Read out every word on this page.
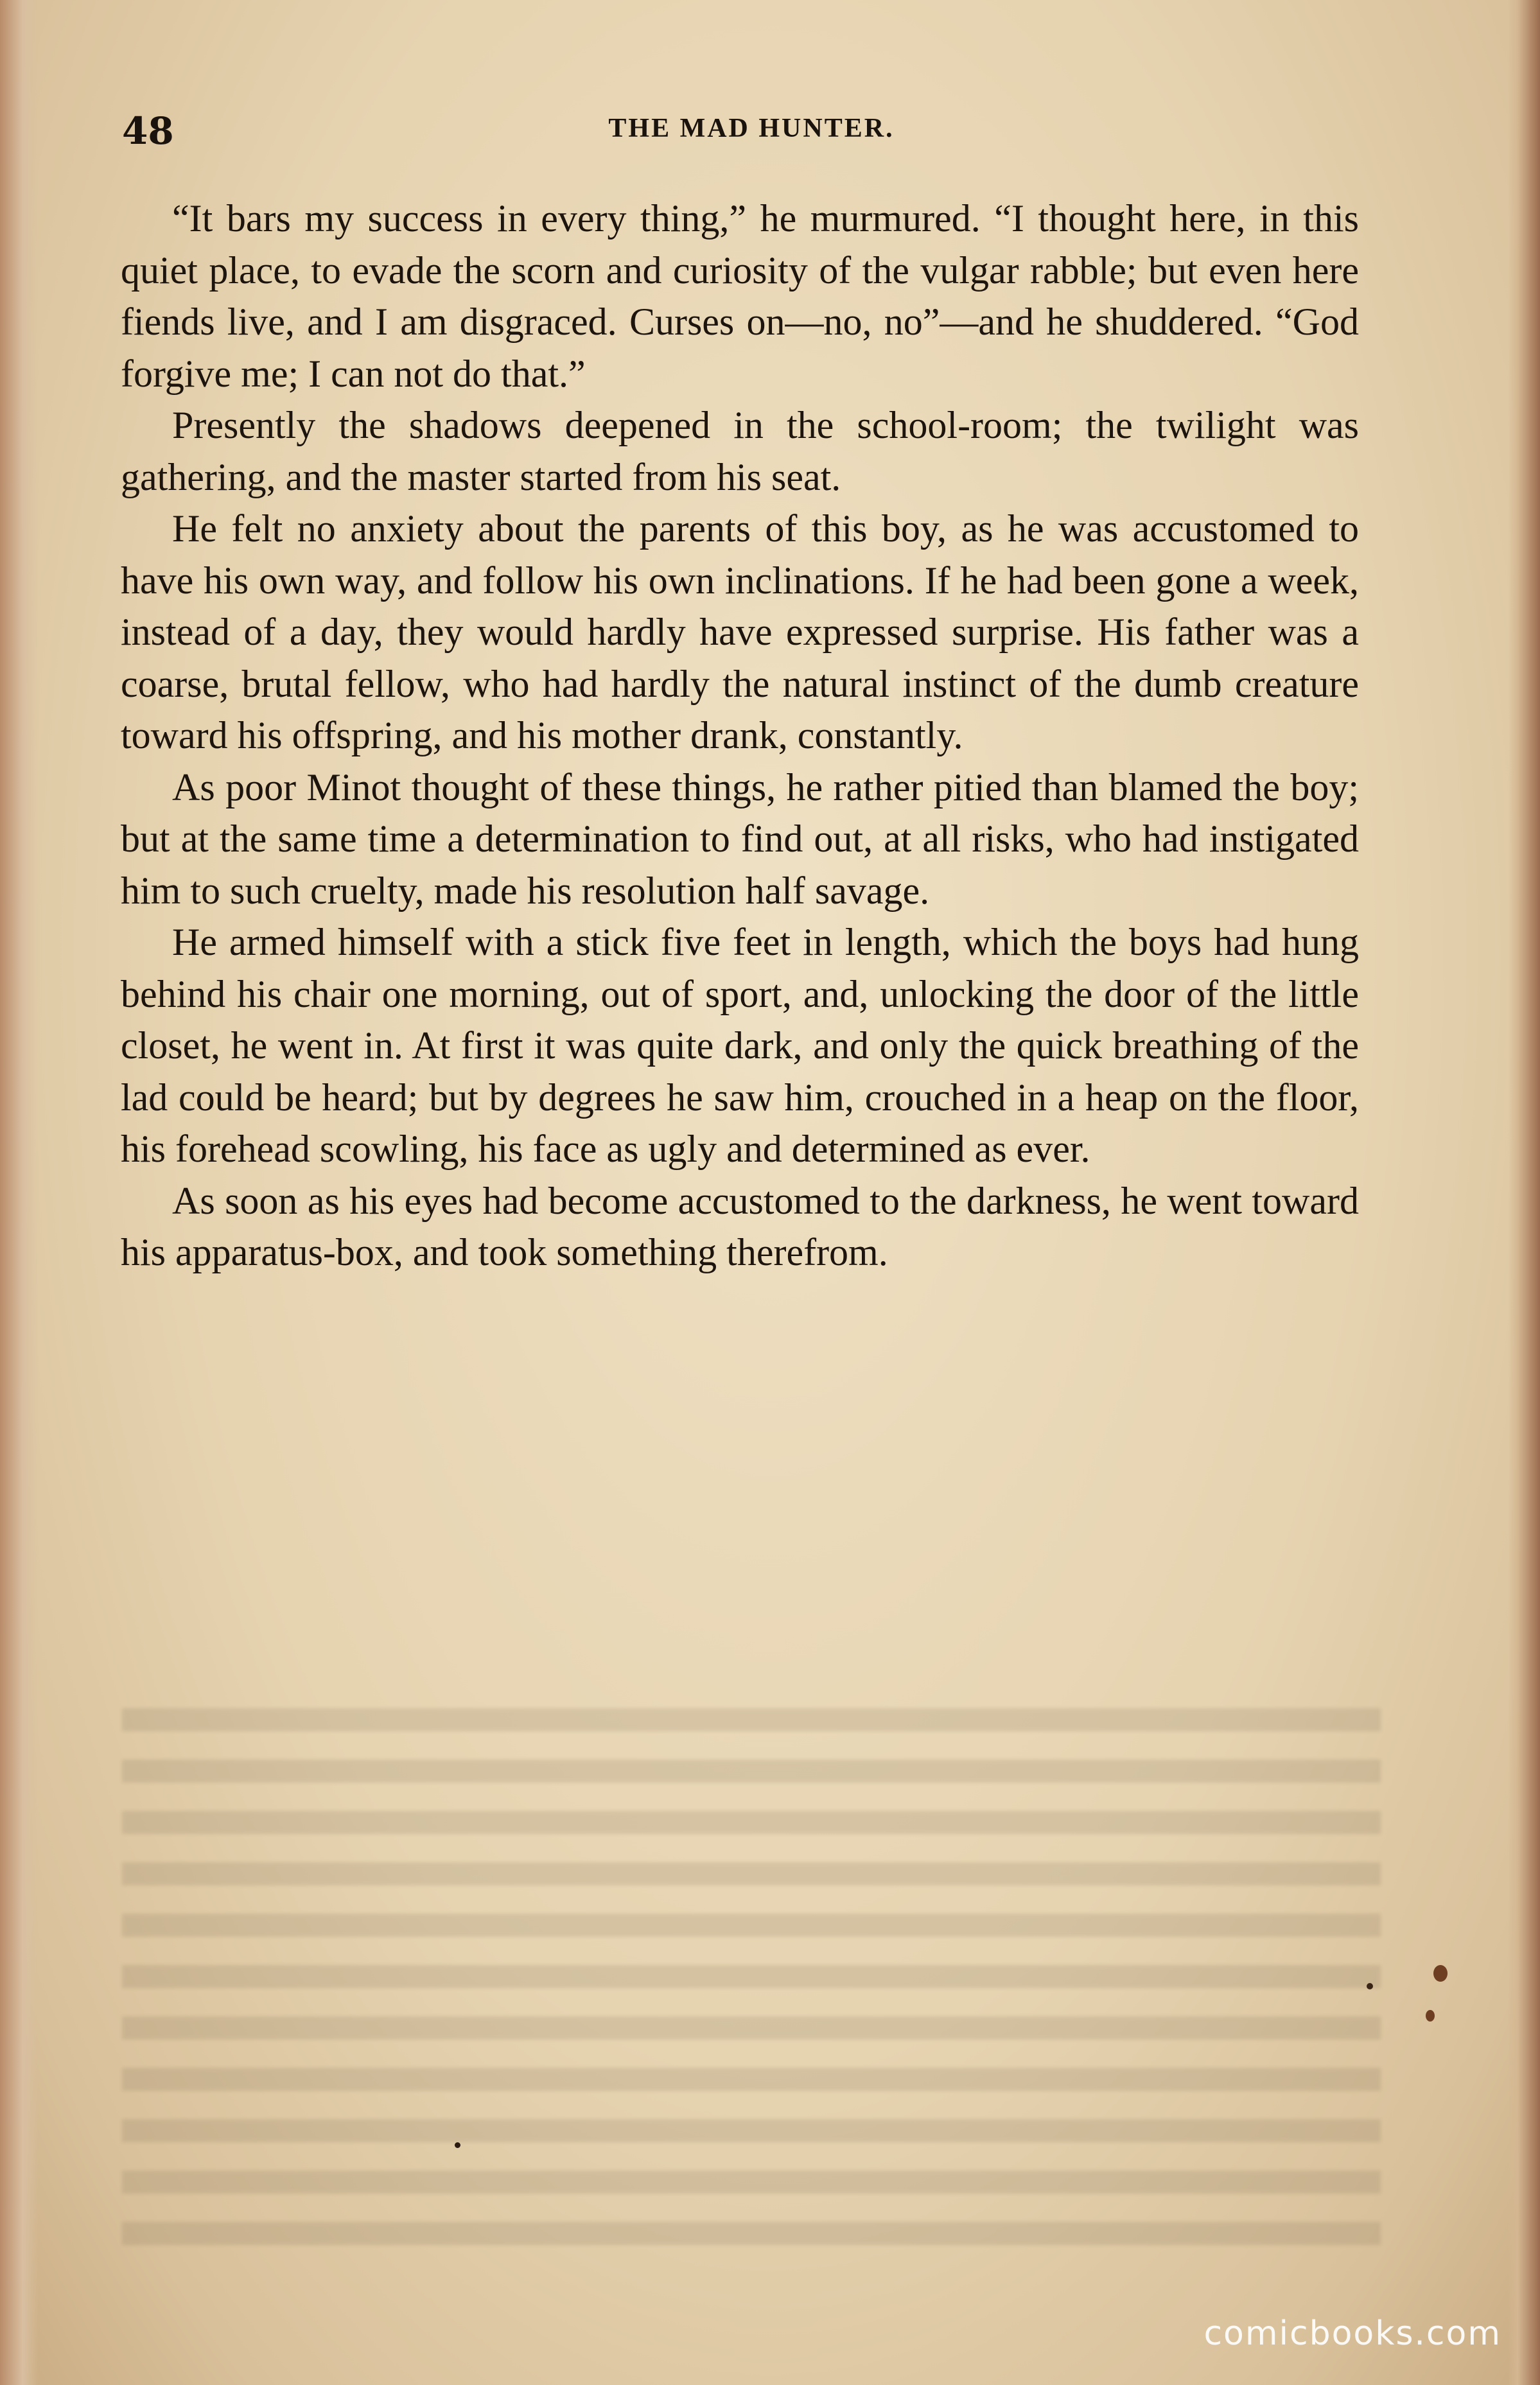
48	THE MAD HUNTER.

“It bars my success in every thing,” he murmured. “I thought here, in this quiet place, to evade the scorn and curiosity of the vulgar rabble; but even here fiends live, and I am disgraced. Curses on—no, no”—and he shuddered. “God forgive me; I can not do that.”

Presently the shadows deepened in the school-room; the twilight was gathering, and the master started from his seat.

He felt no anxiety about the parents of this boy, as he was accustomed to have his own way, and follow his own inclinations. If he had been gone a week, instead of a day, they would hardly have expressed surprise. His father was a coarse, brutal fellow, who had hardly the natural instinct of the dumb creature toward his offspring, and his mother drank, constantly.

As poor Minot thought of these things, he rather pitied than blamed the boy; but at the same time a determination to find out, at all risks, who had instigated him to such cruelty, made his resolution half savage.

He armed himself with a stick five feet in length, which the boys had hung behind his chair one morning, out of sport, and, unlocking the door of the little closet, he went in. At first it was quite dark, and only the quick breathing of the lad could be heard; but by degrees he saw him, crouched in a heap on the floor, his forehead scowling, his face as ugly and determined as ever.

As soon as his eyes had become accustomed to the darkness, he went toward his apparatus-box, and took something therefrom.

comicbooks.com
